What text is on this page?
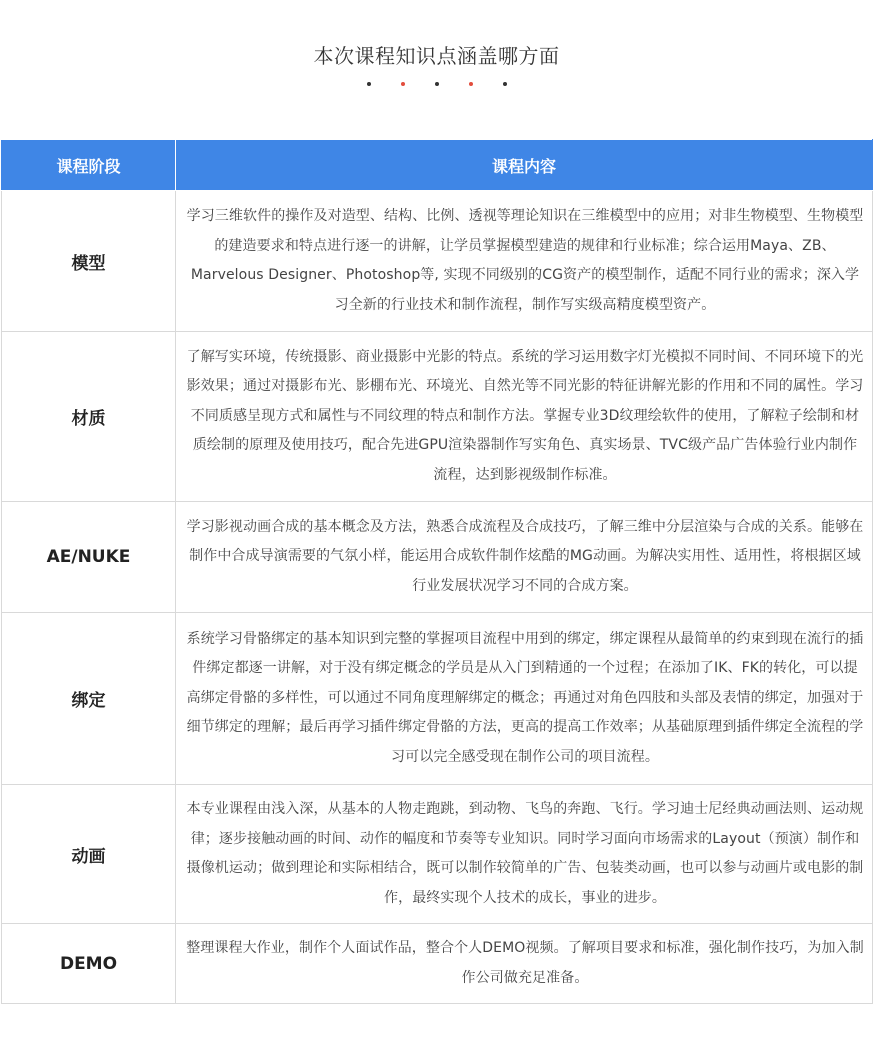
本次课程知识点涵盖哪方面
课程阶段	课程内容
模型	学习三维软件的操作及对造型、结构、比例、透视等理论知识在三维模型中的应用；对非生物模型、生物模型的建造要求和特点进行逐一的讲解，让学员掌握模型建造的规律和行业标准；综合运用Maya、ZB、Marvelous Designer、Photoshop等, 实现不同级别的CG资产的模型制作，适配不同行业的需求；深入学习全新的行业技术和制作流程，制作写实级高精度模型资产。
材质	了解写实环境，传统摄影、商业摄影中光影的特点。系统的学习运用数字灯光模拟不同时间、不同环境下的光影效果；通过对摄影布光、影棚布光、环境光、自然光等不同光影的特征讲解光影的作用和不同的属性。学习不同质感呈现方式和属性与不同纹理的特点和制作方法。掌握专业3D纹理绘软件的使用，了解粒子绘制和材质绘制的原理及使用技巧，配合先进GPU渲染器制作写实角色、真实场景、TVC级产品广告体验行业内制作流程，达到影视级制作标准。
AE/NUKE	学习影视动画合成的基本概念及方法，熟悉合成流程及合成技巧，了解三维中分层渲染与合成的关系。能够在制作中合成导演需要的气氛小样，能运用合成软件制作炫酷的MG动画。为解决实用性、适用性，将根据区域行业发展状况学习不同的合成方案。
绑定	系统学习骨骼绑定的基本知识到完整的掌握项目流程中用到的绑定，绑定课程从最简单的约束到现在流行的插件绑定都逐一讲解，对于没有绑定概念的学员是从入门到精通的一个过程；在添加了IK、FK的转化，可以提高绑定骨骼的多样性，可以通过不同角度理解绑定的概念；再通过对角色四肢和头部及表情的绑定，加强对于细节绑定的理解；最后再学习插件绑定骨骼的方法，更高的提高工作效率；从基础原理到插件绑定全流程的学习可以完全感受现在制作公司的项目流程。
动画	本专业课程由浅入深，从基本的人物走跑跳，到动物、飞鸟的奔跑、飞行。学习迪士尼经典动画法则、运动规律；逐步接触动画的时间、动作的幅度和节奏等专业知识。同时学习面向市场需求的Layout（预演）制作和摄像机运动；做到理论和实际相结合，既可以制作较简单的广告、包装类动画，也可以参与动画片或电影的制作，最终实现个人技术的成长，事业的进步。
DEMO	整理课程大作业，制作个人面试作品，整合个人DEMO视频。了解项目要求和标准，强化制作技巧，为加入制作公司做充足准备。
